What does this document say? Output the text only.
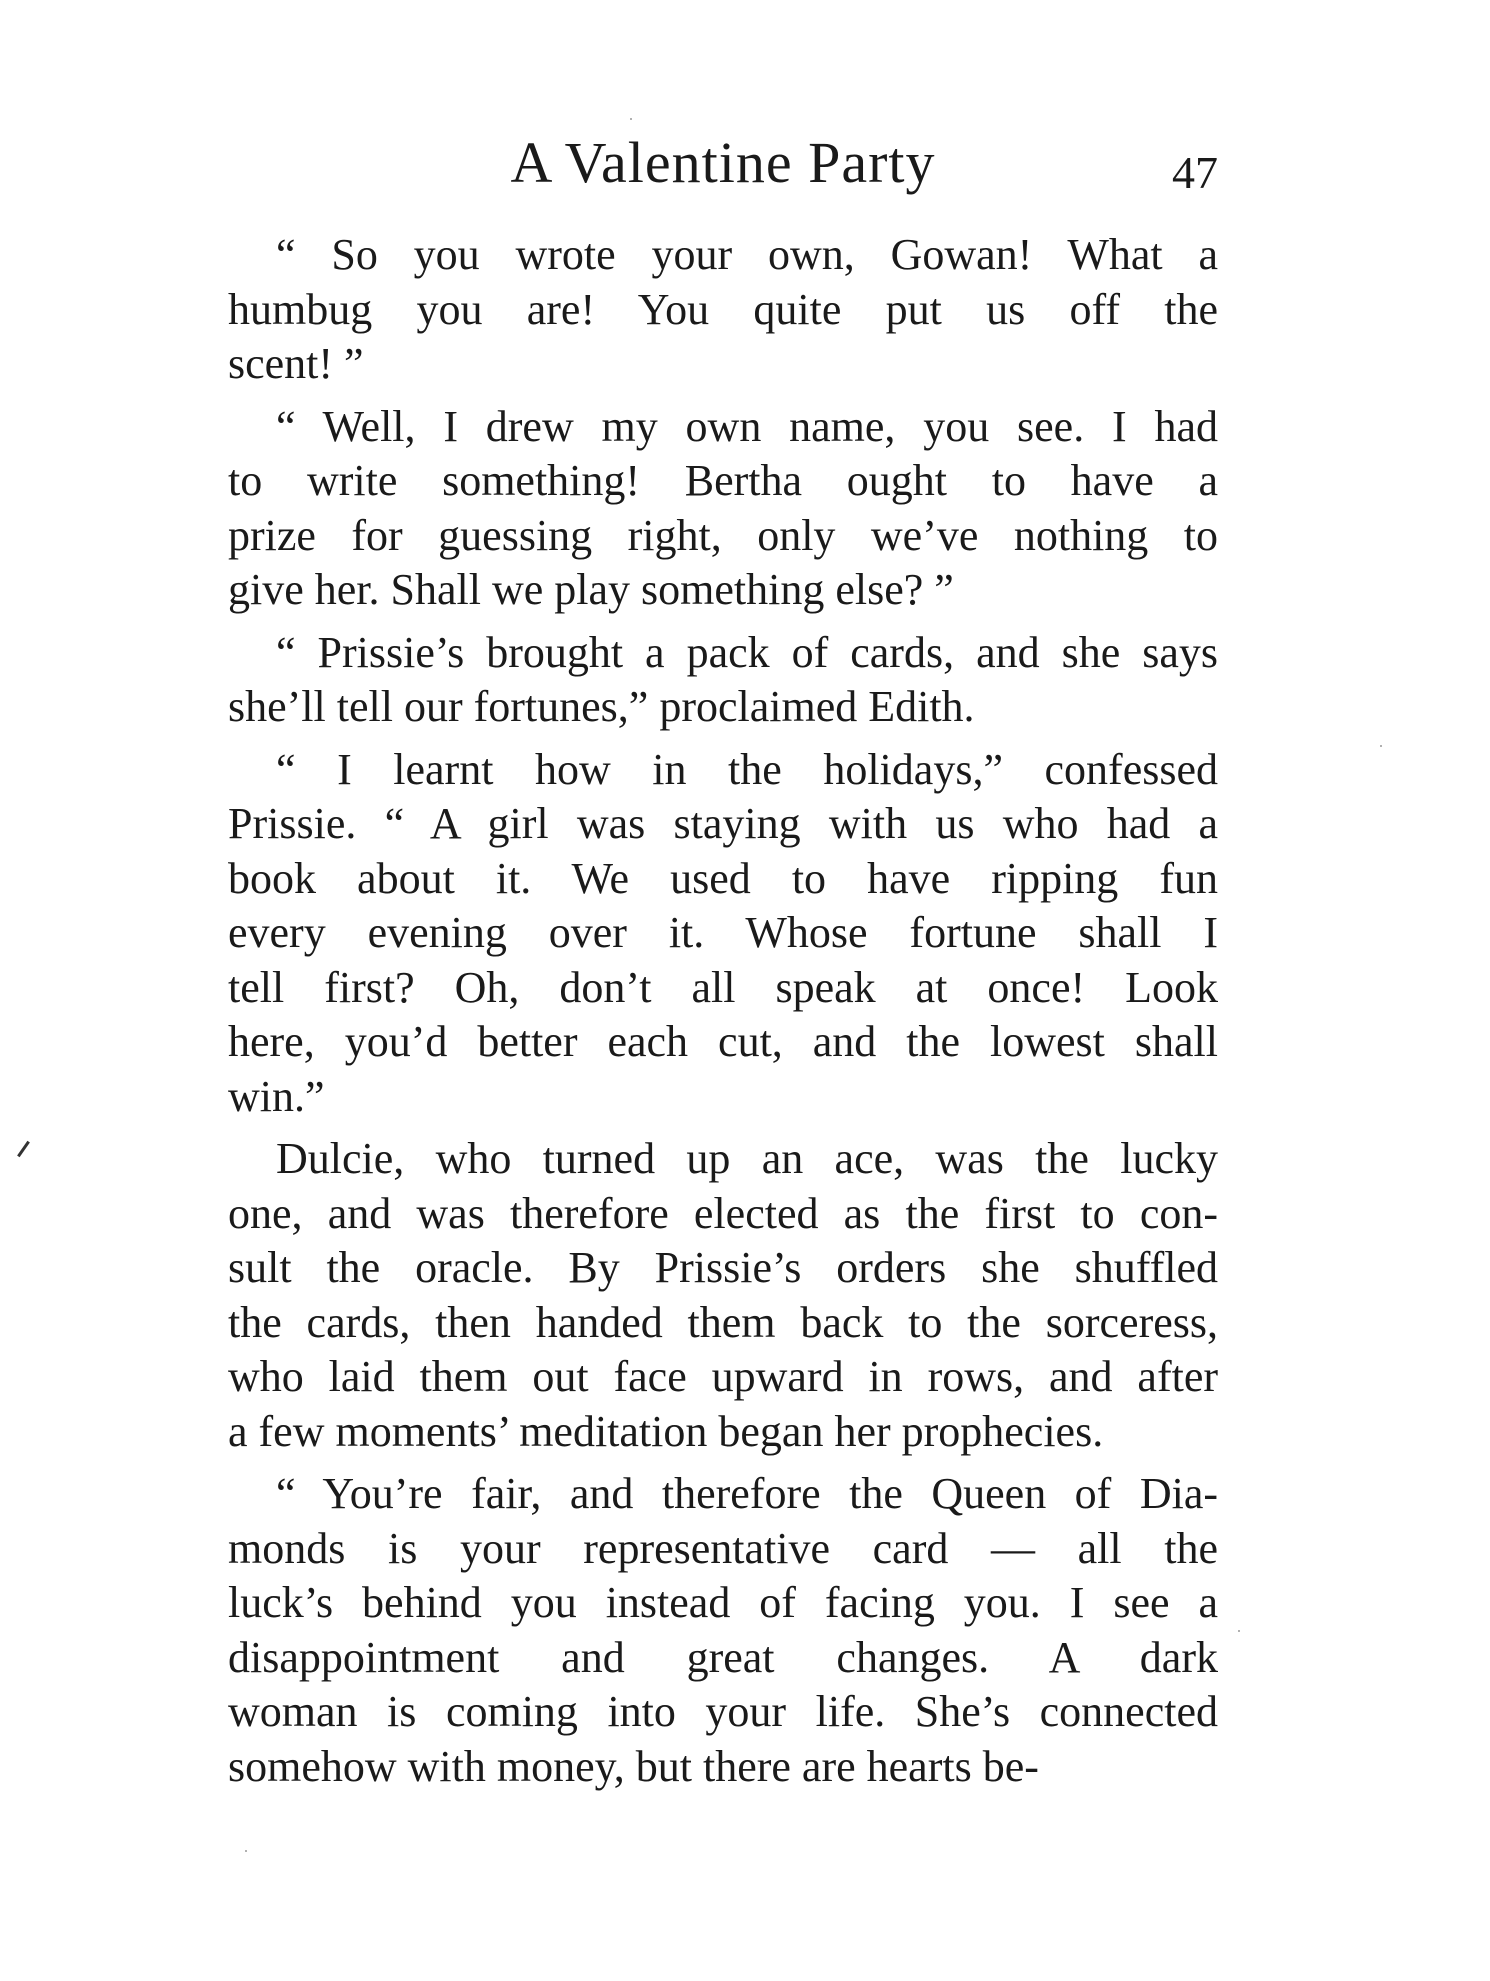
A Valentine Party	47
“ So you wrote your own, Gowan! What a
humbug you are! You quite put us off the
scent! ”
“ Well, I drew my own name, you see. I had
to write something! Bertha ought to have a
prize for guessing right, only we’ve nothing to
give her. Shall we play something else? ”
“ Prissie’s brought a pack of cards, and she says
she’ll tell our fortunes,” proclaimed Edith.
“ I learnt how in the holidays,” confessed
Prissie. “ A girl was staying with us who had a
book about it. We used to have ripping fun
every evening over it. Whose fortune shall I
tell first? Oh, don’t all speak at once! Look
here, you’d better each cut, and the lowest shall
win.”
Dulcie, who turned up an ace, was the lucky
one, and was therefore elected as the first to con-
sult the oracle. By Prissie’s orders she shuffled
the cards, then handed them back to the sorceress,
who laid them out face upward in rows, and after
a few moments’ meditation began her prophecies.
“ You’re fair, and therefore the Queen of Dia-
monds is your representative card — all the
luck’s behind you instead of facing you. I see a
disappointment and great changes. A dark
woman is coming into your life. She’s connected
somehow with money, but there are hearts be-
